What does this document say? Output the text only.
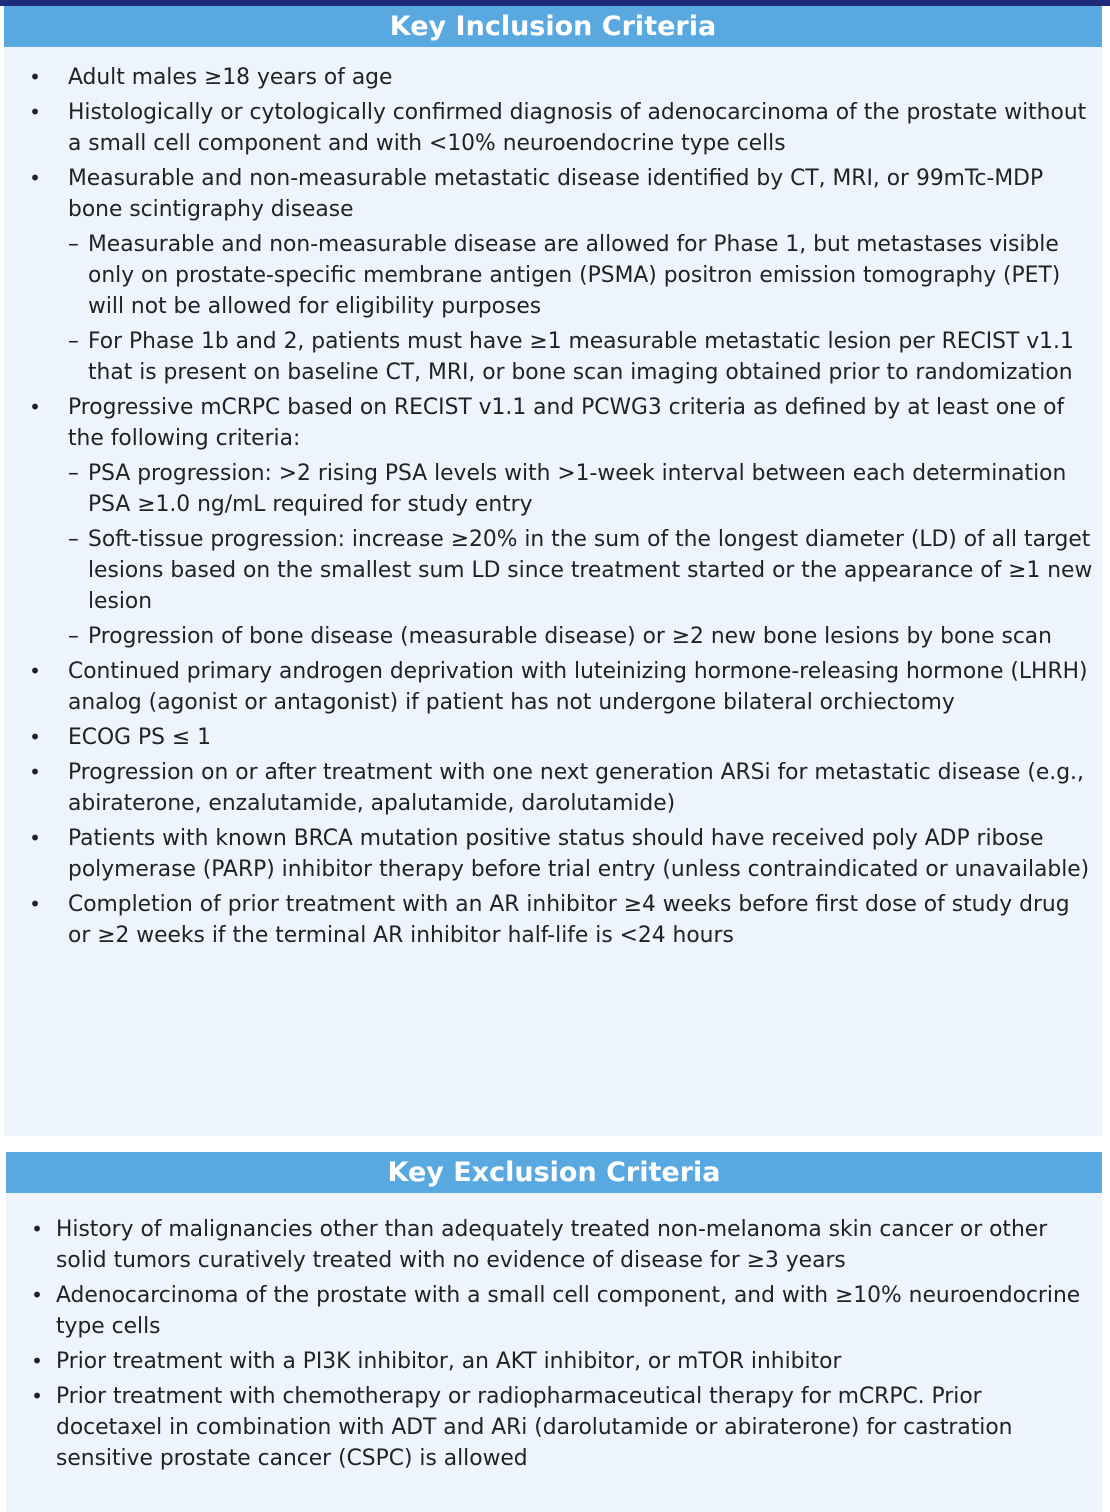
Key Inclusion Criteria
• Adult males ≥18 years of age
• Histologically or cytologically confirmed diagnosis of adenocarcinoma of the prostate without a small cell component and with <10% neuroendocrine type cells
• Measurable and non-measurable metastatic disease identified by CT, MRI, or 99mTc-MDP bone scintigraphy disease
– Measurable and non-measurable disease are allowed for Phase 1, but metastases visible only on prostate-specific membrane antigen (PSMA) positron emission tomography (PET) will not be allowed for eligibility purposes
– For Phase 1b and 2, patients must have ≥1 measurable metastatic lesion per RECIST v1.1 that is present on baseline CT, MRI, or bone scan imaging obtained prior to randomization
• Progressive mCRPC based on RECIST v1.1 and PCWG3 criteria as defined by at least one of the following criteria:
– PSA progression: >2 rising PSA levels with >1-week interval between each determination PSA ≥1.0 ng/mL required for study entry
– Soft-tissue progression: increase ≥20% in the sum of the longest diameter (LD) of all target lesions based on the smallest sum LD since treatment started or the appearance of ≥1 new lesion
– Progression of bone disease (measurable disease) or ≥2 new bone lesions by bone scan
• Continued primary androgen deprivation with luteinizing hormone-releasing hormone (LHRH) analog (agonist or antagonist) if patient has not undergone bilateral orchiectomy
• ECOG PS ≤ 1
• Progression on or after treatment with one next generation ARSi for metastatic disease (e.g., abiraterone, enzalutamide, apalutamide, darolutamide)
• Patients with known BRCA mutation positive status should have received poly ADP ribose polymerase (PARP) inhibitor therapy before trial entry (unless contraindicated or unavailable)
• Completion of prior treatment with an AR inhibitor ≥4 weeks before first dose of study drug or ≥2 weeks if the terminal AR inhibitor half-life is <24 hours
Key Exclusion Criteria
• History of malignancies other than adequately treated non-melanoma skin cancer or other solid tumors curatively treated with no evidence of disease for ≥3 years
• Adenocarcinoma of the prostate with a small cell component, and with ≥10% neuroendocrine type cells
• Prior treatment with a PI3K inhibitor, an AKT inhibitor, or mTOR inhibitor
• Prior treatment with chemotherapy or radiopharmaceutical therapy for mCRPC. Prior docetaxel in combination with ADT and ARi (darolutamide or abiraterone) for castration sensitive prostate cancer (CSPC) is allowed
